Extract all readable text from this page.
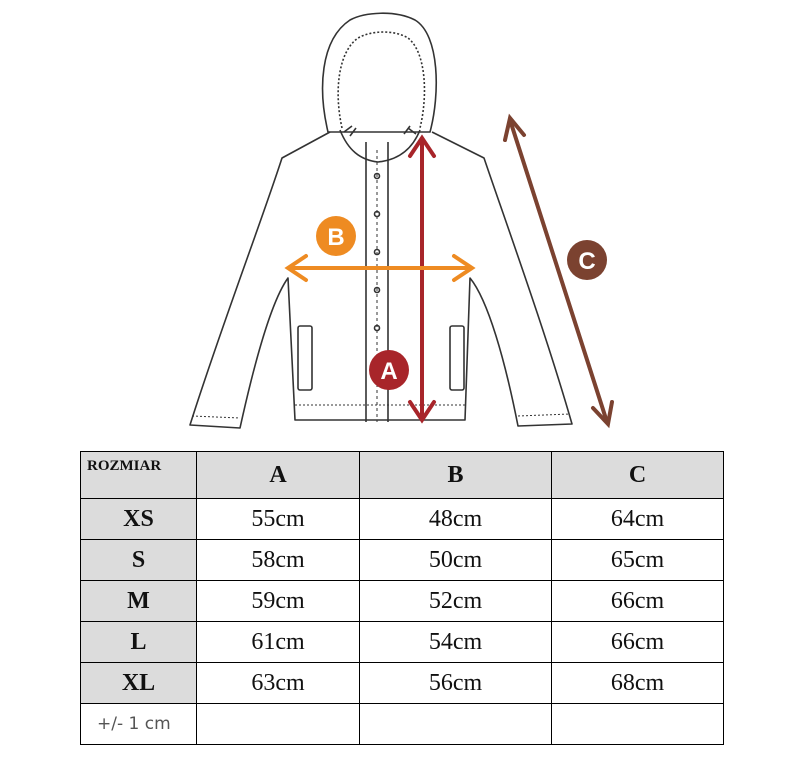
A
B
C
ROZMIAR	A	B	C
XS	55cm	48cm	64cm
S	58cm	50cm	65cm
M	59cm	52cm	66cm
L	61cm	54cm	66cm
XL	63cm	56cm	68cm
+/- 1 cm			
